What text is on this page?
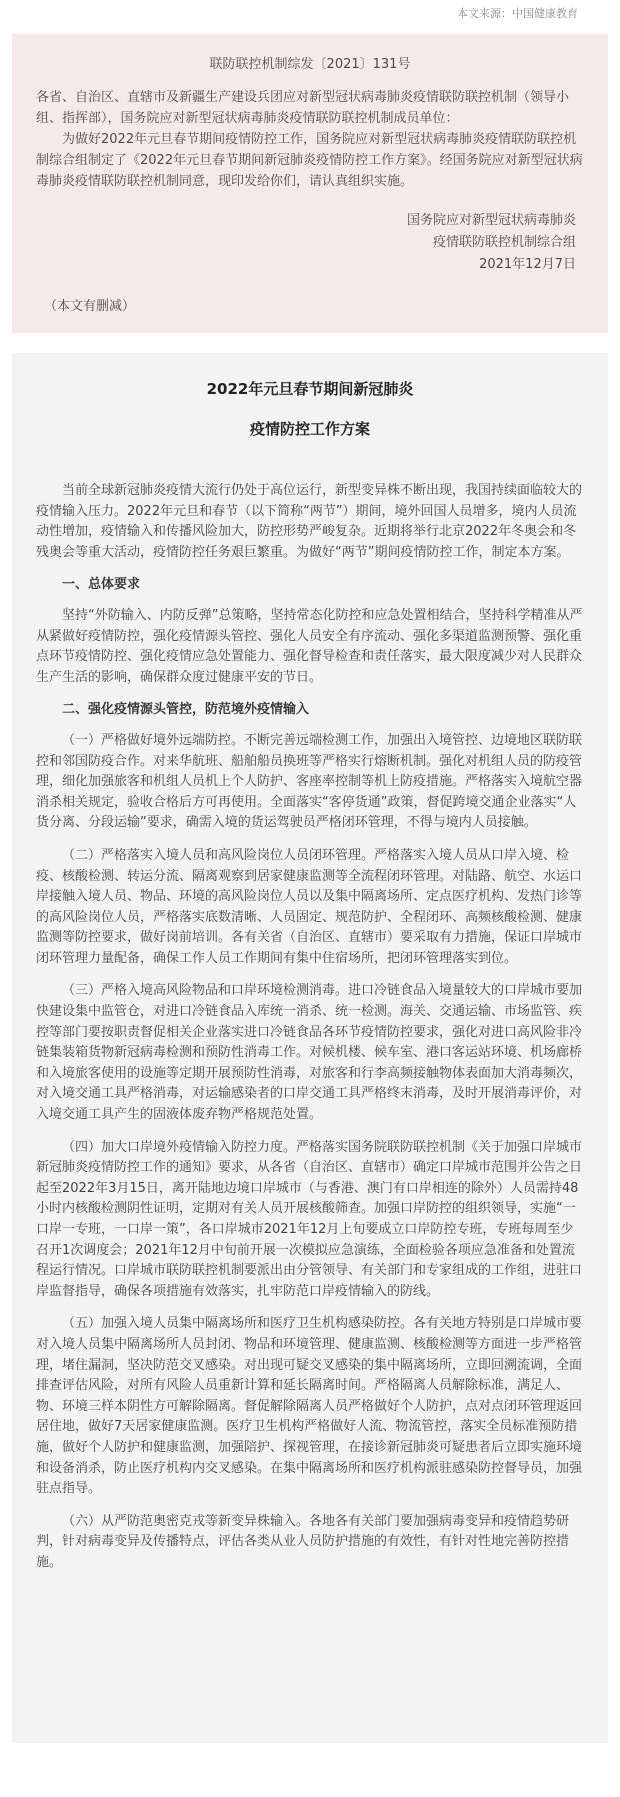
本文来源：中国健康教育
联防联控机制综发〔2021〕131号

各省、自治区、直辖市及新疆生产建设兵团应对新型冠状病毒肺炎疫情联防联控机制（领导小组、指挥部），国务院应对新型冠状病毒肺炎疫情联防联控机制成员单位：

为做好2022年元旦春节期间疫情防控工作，国务院应对新型冠状病毒肺炎疫情联防联控机制综合组制定了《2022年元旦春节期间新冠肺炎疫情防控工作方案》。经国务院应对新型冠状病毒肺炎疫情联防联控机制同意，现印发给你们，请认真组织实施。

国务院应对新型冠状病毒肺炎
疫情联防联控机制综合组
2021年12月7日
（本文有删减）
2022年元旦春节期间新冠肺炎
疫情防控工作方案

当前全球新冠肺炎疫情大流行仍处于高位运行，新型变异株不断出现，我国持续面临较大的疫情输入压力。2022年元旦和春节（以下简称“两节”）期间，境外回国人员增多，境内人员流动性增加，疫情输入和传播风险加大，防控形势严峻复杂。近期将举行北京2022年冬奥会和冬残奥会等重大活动，疫情防控任务艰巨繁重。为做好“两节”期间疫情防控工作，制定本方案。

一、总体要求

坚持“外防输入、内防反弹”总策略，坚持常态化防控和应急处置相结合，坚持科学精准从严从紧做好疫情防控，强化疫情源头管控、强化人员安全有序流动、强化多渠道监测预警、强化重点环节疫情防控、强化疫情应急处置能力、强化督导检查和责任落实，最大限度减少对人民群众生产生活的影响，确保群众度过健康平安的节日。

二、强化疫情源头管控，防范境外疫情输入

（一）严格做好境外远端防控。不断完善远端检测工作，加强出入境管控、边境地区联防联控和邻国防疫合作。对来华航班、船舶船员换班等严格实行熔断机制。强化对机组人员的防疫管理，细化加强旅客和机组人员机上个人防护、客座率控制等机上防疫措施。严格落实入境航空器消杀相关规定，验收合格后方可再使用。全面落实“客停货通”政策，督促跨境交通企业落实“人货分离、分段运输”要求，确需入境的货运驾驶员严格闭环管理，不得与境内人员接触。

（二）严格落实入境人员和高风险岗位人员闭环管理。严格落实入境人员从口岸入境、检疫、核酸检测、转运分流、隔离观察到居家健康监测等全流程闭环管理。对陆路、航空、水运口岸接触入境人员、物品、环境的高风险岗位人员以及集中隔离场所、定点医疗机构、发热门诊等的高风险岗位人员，严格落实底数清晰、人员固定、规范防护、全程闭环、高频核酸检测、健康监测等防控要求，做好岗前培训。各有关省（自治区、直辖市）要采取有力措施，保证口岸城市闭环管理力量配备，确保工作人员工作期间有集中住宿场所，把闭环管理落实到位。

（三）严格入境高风险物品和口岸环境检测消毒。进口冷链食品入境量较大的口岸城市要加快建设集中监管仓，对进口冷链食品入库统一消杀、统一检测。海关、交通运输、市场监管、疾控等部门要按职责督促相关企业落实进口冷链食品各环节疫情防控要求，强化对进口高风险非冷链集装箱货物新冠病毒检测和预防性消毒工作。对候机楼、候车室、港口客运站环境、机场廊桥和入境旅客使用的设施等定期开展预防性消毒，对旅客和行李高频接触物体表面加大消毒频次，对入境交通工具严格消毒，对运输感染者的口岸交通工具严格终末消毒，及时开展消毒评价，对入境交通工具产生的固液体废弃物严格规范处置。

（四）加大口岸境外疫情输入防控力度。严格落实国务院联防联控机制《关于加强口岸城市新冠肺炎疫情防控工作的通知》要求，从各省（自治区、直辖市）确定口岸城市范围并公告之日起至2022年3月15日，离开陆地边境口岸城市（与香港、澳门有口岸相连的除外）人员需持48小时内核酸检测阴性证明，定期对有关人员开展核酸筛查。加强口岸防控的组织领导，实施“一口岸一专班，一口岸一策”，各口岸城市2021年12月上旬要成立口岸防控专班，专班每周至少召开1次调度会；2021年12月中旬前开展一次模拟应急演练，全面检验各项应急准备和处置流程运行情况。口岸城市联防联控机制要派出由分管领导、有关部门和专家组成的工作组，进驻口岸监督指导，确保各项措施有效落实，扎牢防范口岸疫情输入的防线。

（五）加强入境人员集中隔离场所和医疗卫生机构感染防控。各有关地方特别是口岸城市要对入境人员集中隔离场所人员封闭、物品和环境管理、健康监测、核酸检测等方面进一步严格管理，堵住漏洞，坚决防范交叉感染。对出现可疑交叉感染的集中隔离场所，立即回溯流调，全面排查评估风险，对所有风险人员重新计算和延长隔离时间。严格隔离人员解除标准，满足人、物、环境三样本阴性方可解除隔离。督促解除隔离人员严格做好个人防护，点对点闭环管理返回居住地，做好7天居家健康监测。医疗卫生机构严格做好人流、物流管控，落实全员标准预防措施，做好个人防护和健康监测，加强陪护、探视管理，在接诊新冠肺炎可疑患者后立即实施环境和设备消杀，防止医疗机构内交叉感染。在集中隔离场所和医疗机构派驻感染防控督导员，加强驻点指导。

（六）从严防范奥密克戎等新变异株输入。各地各有关部门要加强病毒变异和疫情趋势研判，针对病毒变异及传播特点，评估各类从业人员防护措施的有效性，有针对性地完善防控措施。
